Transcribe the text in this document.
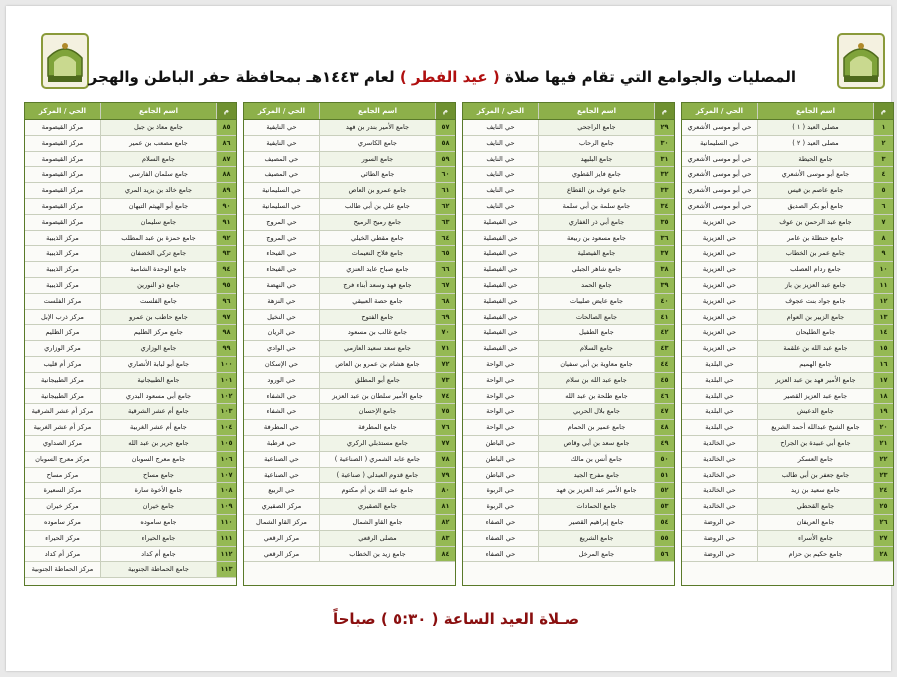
المصليات والجوامع التي تقام فيها صلاة ( عيد الفطر ) لعام ١٤٤٣هـ بمحافظة حفر الباطن والهجر
م
اسم الجامع
الحي / المركز
١
مصلى العيد ( ١ )
حي أبو موسى الأشعري
٢
مصلى العيد ( ٢ )
حي السليمانية
٣
جامع الحيطة
حي أبو موسى الأشعري
٤
جامع أبو موسى الأشعري
حي أبو موسى الأشعري
٥
جامع عاصم بن قيس
حي أبو موسى الأشعري
٦
جامع أبو بكر الصديق
حي أبو موسى الأشعري
٧
جامع عبد الرحمن بن عوف
حي العزيزية
٨
جامع حنظلة بن عامر
حي العزيزية
٩
جامع عمر بن الخطاب
حي العزيزية
١٠
جامع ردام العصلب
حي العزيزية
١١
جامع عبد العزيز بن باز
حي العزيزية
١٢
جامع جواد بنت عجوف
حي العزيزية
١٣
جامع الزبير بن العوام
حي العزيزية
١٤
جامع الطليحان
حي العزيزية
١٥
جامع عبد الله بن علقمة
حي العزيزية
١٦
جامع الهميم
حي البلدية
١٧
جامع الأمير فهد بن عبد العزيز
حي البلدية
١٨
جامع عبد العزيز القصير
حي البلدية
١٩
جامع الدعيش
حي البلدية
٢٠
جامع الشيخ عبدالله أحمد الشريع
حي البلدية
٢١
جامع أبي عبيدة بن الجراح
حي الخالدية
٢٢
جامع العسكر
حي الخالدية
٢٣
جامع جعفر بن أبي طالب
حي الخالدية
٢٤
جامع سعيد بن زيد
حي الخالدية
٢٥
جامع القحطي
حي الخالدية
٢٦
جامع العريفان
حي الروضة
٢٧
جامع الأسراء
حي الروضة
٢٨
جامع حكيم بن حزام
حي الروضة
م
اسم الجامع
الحي / المركز
٢٩
جامع الراجحي
حي النايف
٣٠
جامع الرحاب
حي النايف
٣١
جامع البليهد
حي النايف
٣٢
جامع فايز القطوي
حي النايف
٣٣
جامع عوف بن القطاع
حي النايف
٣٤
جامع سلمة بن أبي سلمة
حي النايف
٣٥
جامع أبي ذر الغفاري
حي الفيصلية
٣٦
جامع مسعود بن ربيعة
حي الفيصلية
٣٧
جامع الفيصلية
حي الفيصلية
٣٨
جامع شاهر الجبلي
حي الفيصلية
٣٩
جامع الحمد
حي الفيصلية
٤٠
جامع عايض صليبات
حي الفيصلية
٤١
جامع الصالحات
حي الفيصلية
٤٢
جامع الطفيل
حي الفيصلية
٤٣
جامع السلام
حي الفيصلية
٤٤
جامع معاوية بن أبي سفيان
حي الواحة
٤٥
جامع عبد الله بن سلام
حي الواحة
٤٦
جامع طلحة بن عبد الله
حي الواحة
٤٧
جامع بلال الحربي
حي الواحة
٤٨
جامع عمير بن الحمام
حي الواحة
٤٩
جامع سعد بن أبي وقاص
حي الباطن
٥٠
جامع أنس بن مالك
حي الباطن
٥١
جامع مفرج الجيد
حي الباطن
٥٢
جامع الأمير عبد العزيز بن فهد
حي الربوة
٥٣
جامع الحمادات
حي الربوة
٥٤
جامع إبراهيم القصير
حي الصفاء
٥٥
جامع الشريع
حي الصفاء
٥٦
جامع المرخل
حي الصفاء
م
اسم الجامع
الحي / المركز
٥٧
جامع الأمير بندر بن فهد
حي النايفية
٥٨
جامع الكاسري
حي النايفية
٥٩
جامع السور
حي المصيف
٦٠
جامع الطائي
حي المصيف
٦١
جامع عمرو بن العاص
حي السليمانية
٦٢
جامع علي بن أبي طالب
حي السليمانية
٦٣
جامع رميح الرميح
حي المروج
٦٤
جامع مقطي الخيلي
حي المروج
٦٥
جامع فلاح النعيمات
حي الفيحاء
٦٦
جامع صباح عايد العنزي
حي الفيحاء
٦٧
جامع فهد وسعد أبناء فرج
حي النهضة
٦٨
جامع حصة العبيقي
حي النزهة
٦٩
جامع الفتوح
حي النخيل
٧٠
جامع غالب بن مسعود
حي الريان
٧١
جامع سعد سعيد العازمي
حي الوادي
٧٢
جامع هشام بن عمرو بن العاص
حي الإسكان
٧٣
جامع أبو المطلق
حي الورود
٧٤
جامع الأمير سلطان بن عبد العزيز
حي الشفاء
٧٥
جامع الإحسان
حي الشفاء
٧٦
جامع المطرفة
حي المطرفة
٧٧
جامع مستذبلي الركري
حي قرطبة
٧٨
جامع عابد الشمري ( الصناعية )
حي الصناعية
٧٩
جامع قدوم العبدلي ( صناعية )
حي الصناعية
٨٠
جامع عبد الله بن أم مكتوم
حي الربيع
٨١
جامع الصقيري
مركز الصقيري
٨٢
جامع القاو الشمال
مركز القاو الشمال
٨٣
مصلى الرقعي
مركز الرقعي
٨٤
جامع زيد بن الخطاب
مركز الرقعي
م
اسم الجامع
الحي / المركز
٨٥
جامع معاذ بن جبل
مركز القيصومة
٨٦
جامع مصعب بن عمير
مركز القيصومة
٨٧
جامع السلام
مركز القيصومة
٨٨
جامع سلمان الفارسي
مركز القيصومة
٨٩
جامع خالد بن يزيد المري
مركز القيصومة
٩٠
جامع أبو الهيثم التيهان
مركز القيصومة
٩١
جامع سليمان
مركز القيصومة
٩٢
جامع حمزة بن عبد المطلب
مركز الذيبية
٩٣
جامع تركي الخضفان
مركز الذيبية
٩٤
جامع الوحدة الشامية
مركز الذيبية
٩٥
جامع ذو النورين
مركز الذيبية
٩٦
جامع الفلست
مركز الفلست
٩٧
جامع حاطب بن عمرو
مركز ذرب الإبل
٩٨
جامع مركز الظليم
مركز الظليم
٩٩
جامع الوزاري
مركز الوزاري
١٠٠
جامع أبو لبابة الأنصاري
مركز أم قليب
١٠١
جامع الطبيجانية
مركز الطبيجانية
١٠٢
جامع أبي مسعود البدري
مركز الطبيجانية
١٠٣
جامع أم عشر الشرقية
مركز أم عشر الشرقية
١٠٤
جامع أم عشر الغربية
مركز أم عشر الغربية
١٠٥
جامع جرير بن عبد الله
مركز الصداوي
١٠٦
جامع معرج السوبان
مركز معرج السوبان
١٠٧
جامع مساح
مركز مساح
١٠٨
جامع الأخوة سارة
مركز السعيرة
١٠٩
جامع خيران
مركز خيران
١١٠
جامع ساموده
مركز ساموده
١١١
جامع الحيراء
مركز الحيراء
١١٢
جامع أم كداد
مركز أم كداد
١١٣
جامع الحماطة الجنوبية
مركز الحماطة الجنوبية
صـلاة العيد الساعة ( ٥:٣٠ ) صباحاً
